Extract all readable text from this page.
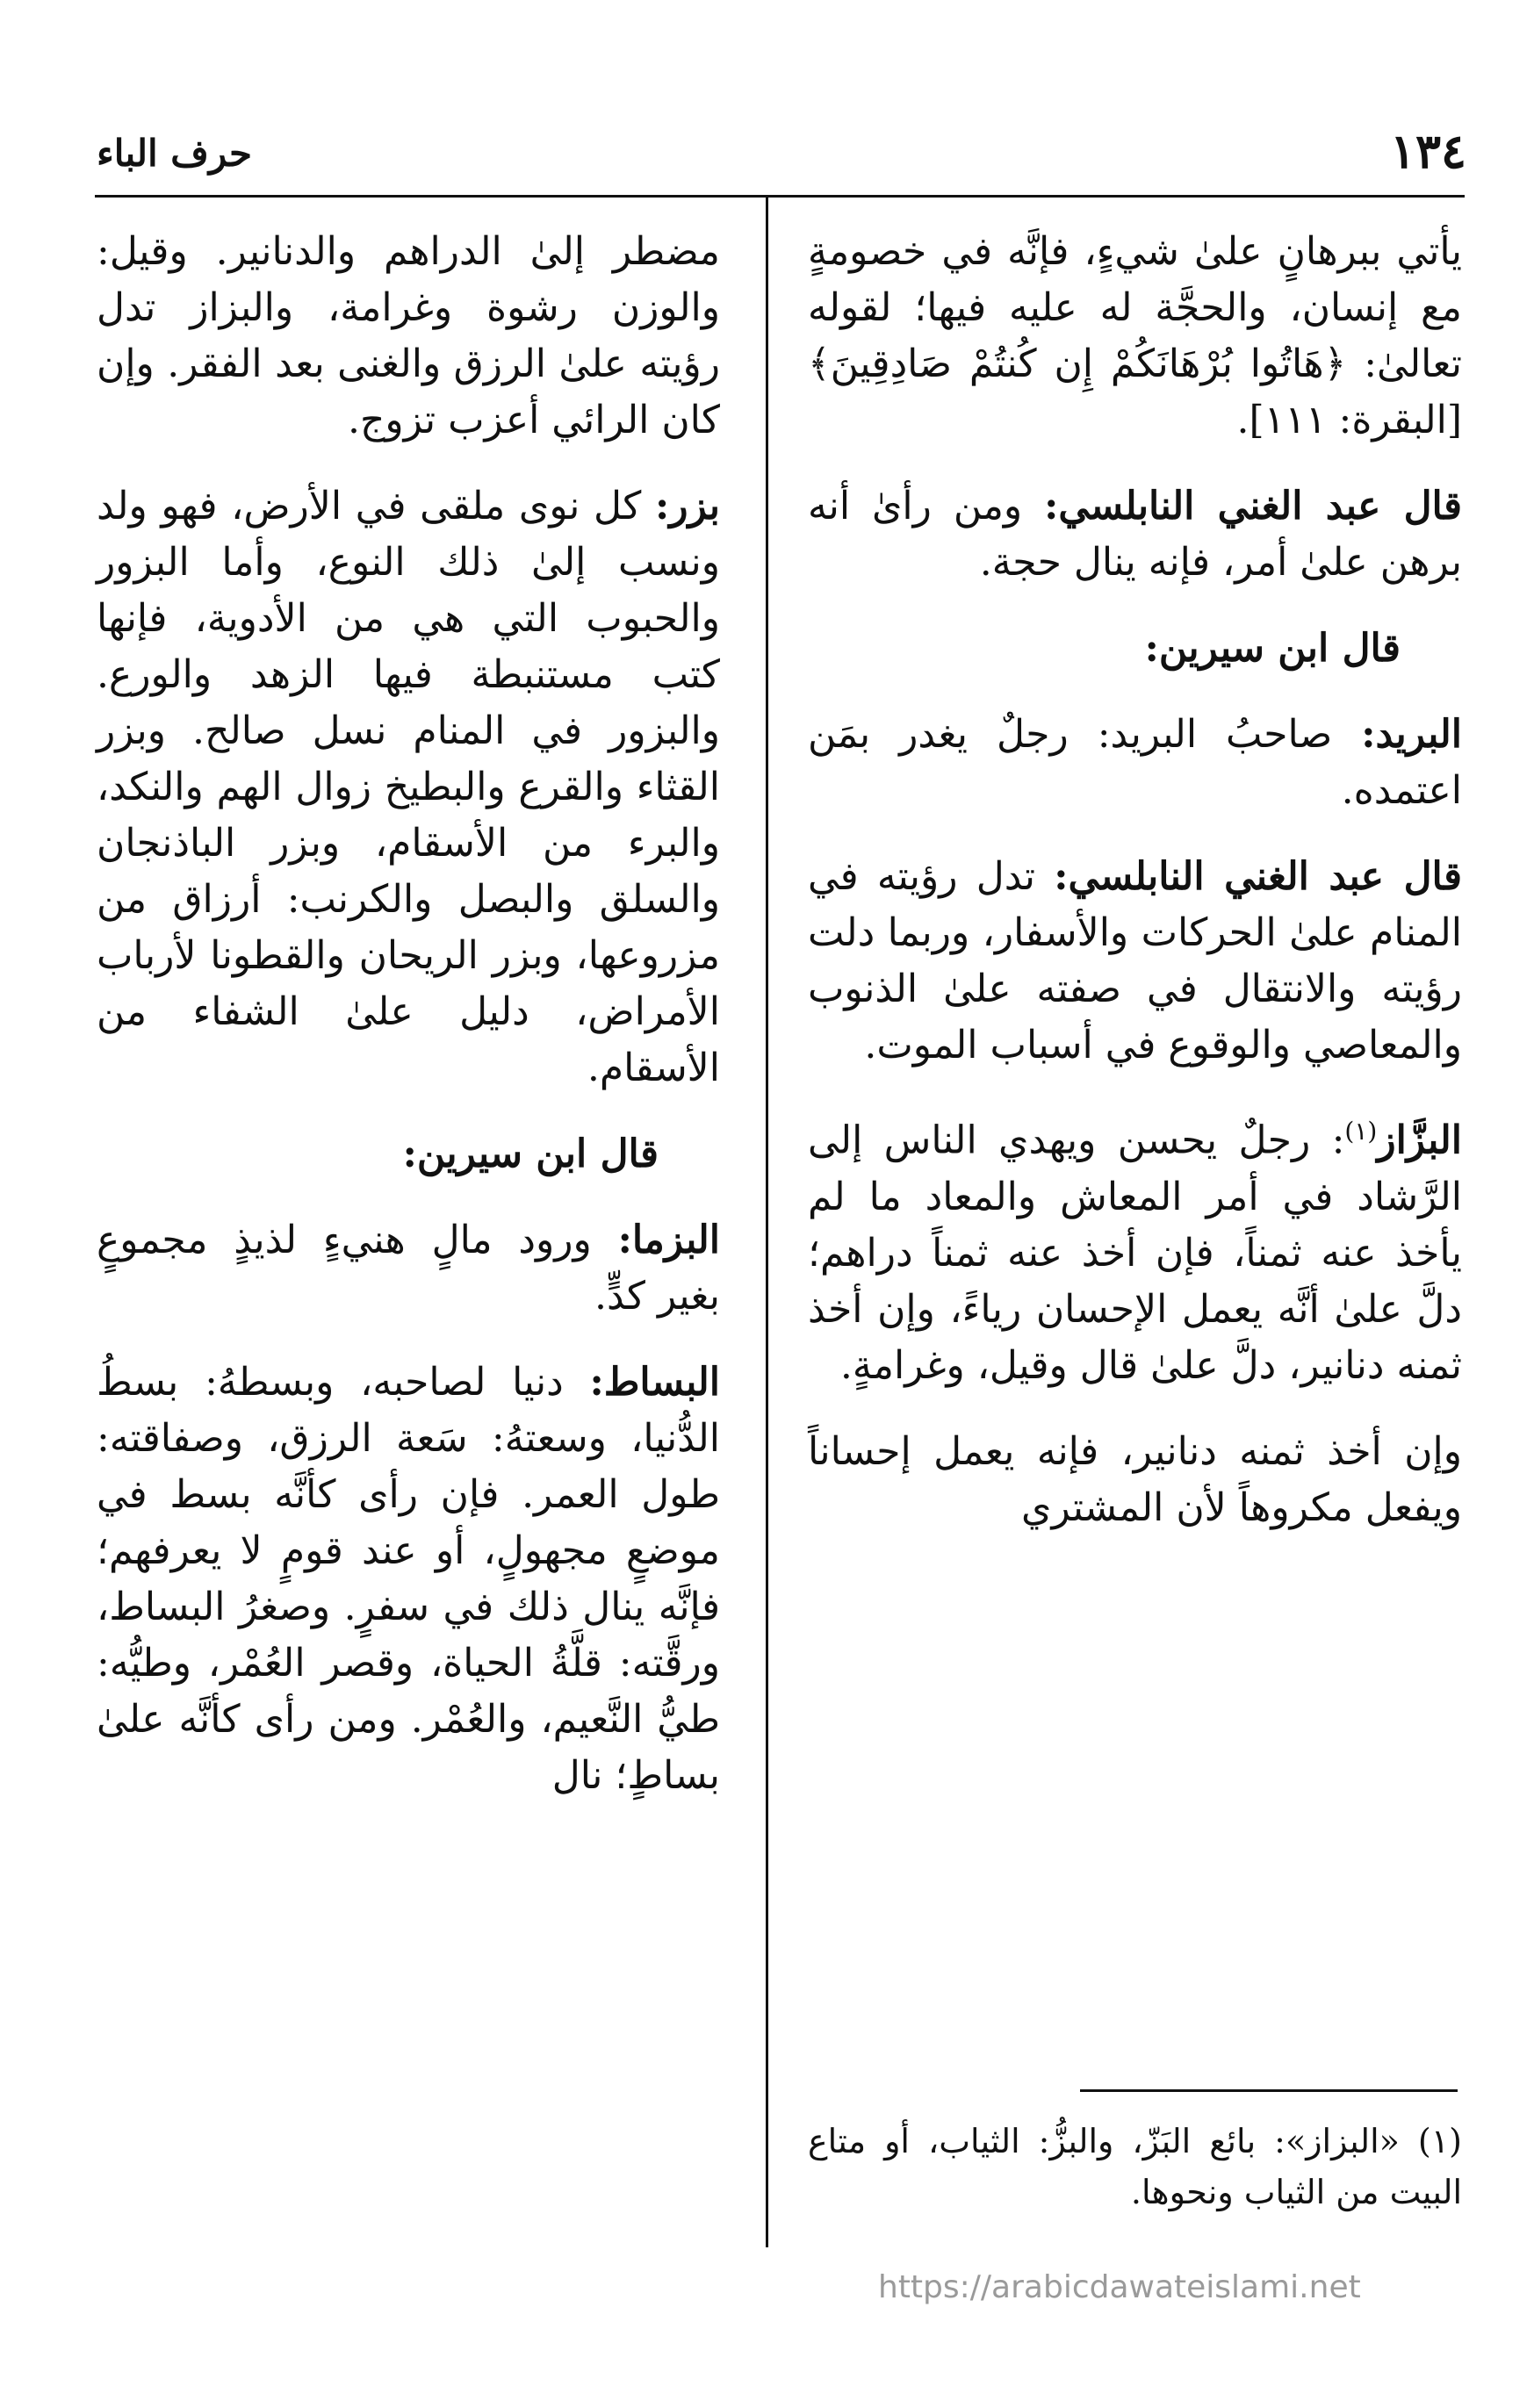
١٣٤
حرف الباء

يأتي ببرهانٍ علىٰ شيءٍ، فإنَّه في خصومةٍ مع إنسان، والحجَّة له عليه فيها؛ لقوله تعالىٰ: ﴿هَاتُوا بُرْهَانَكُمْ إِن كُنتُمْ صَادِقِينَ﴾ [البقرة: ١١١].

قال عبد الغني النابلسي: ومن رأىٰ أنه برهن علىٰ أمر، فإنه ينال حجة.

قال ابن سيرين:

البريد: صاحبُ البريد: رجلٌ يغدر بمَن اعتمده.

قال عبد الغني النابلسي: تدل رؤيته في المنام علىٰ الحركات والأسفار، وربما دلت رؤيته والانتقال في صفته علىٰ الذنوب والمعاصي والوقوع في أسباب الموت.

البزَّاز$^{(١)}$: رجلٌ يحسن ويهدي الناس إلى الرَّشاد في أمر المعاش والمعاد ما لم يأخذ عنه ثمناً، فإن أخذ عنه ثمناً دراهم؛ دلَّ علىٰ أنَّه يعمل الإحسان رياءً، وإن أخذ ثمنه دنانير، دلَّ علىٰ قال وقيل، وغرامةٍ.

وإن أخذ ثمنه دنانير، فإنه يعمل إحساناً ويفعل مكروهاً لأن المشتري

مضطر إلىٰ الدراهم والدنانير. وقيل: والوزن رشوة وغرامة، والبزاز تدل رؤيته علىٰ الرزق والغنى بعد الفقر. وإن كان الرائي أعزب تزوج.

بزر: كل نوى ملقى في الأرض، فهو ولد ونسب إلىٰ ذلك النوع، وأما البزور والحبوب التي هي من الأدوية، فإنها كتب مستنبطة فيها الزهد والورع. والبزور في المنام نسل صالح. وبزر القثاء والقرع والبطيخ زوال الهم والنكد، والبرء من الأسقام، وبزر الباذنجان والسلق والبصل والكرنب: أرزاق من مزروعها، وبزر الريحان والقطونا لأرباب الأمراض، دليل علىٰ الشفاء من الأسقام.

قال ابن سيرين:

البزما: ورود مالٍ هنيءٍ لذيذٍ مجموعٍ بغير كدٍّ.

البساط: دنيا لصاحبه، وبسطهُ: بسطُ الدُّنيا، وسعتهُ: سَعة الرزق، وصفاقته: طول العمر. فإن رأى كأنَّه بسط في موضعٍ مجهولٍ، أو عند قومٍ لا يعرفهم؛ فإنَّه ينال ذلك في سفرٍ. وصغرُ البساط، ورقَّته: قلَّةُ الحياة، وقصر العُمْر، وطيُّه: طيُّ النَّعيم، والعُمْر. ومن رأى كأنَّه علىٰ بساطٍ؛ نال

(١) «البزاز»: بائع البَزّ، والبزُّ: الثياب، أو متاع البيت من الثياب ونحوها.

https://arabicdawateislami.net
